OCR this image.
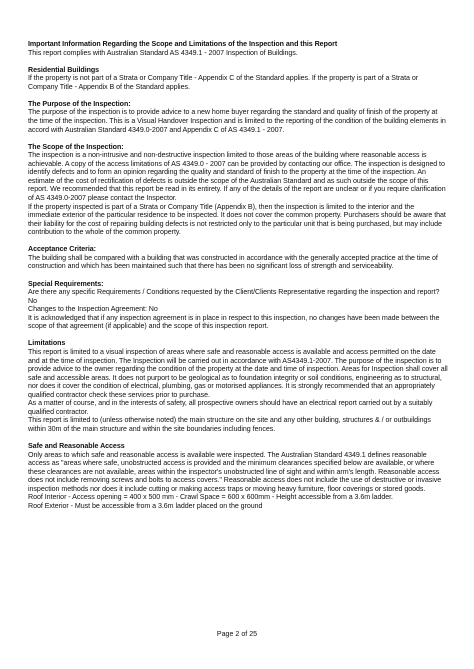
Important Information Regarding the Scope and Limitations of the Inspection and this Report

This report complies with Australian Standard AS 4349.1 - 2007 Inspection of Buildings.

Residential Buildings

If the property is not part of a Strata or Company Title - Appendix C of the Standard applies. If the property is part of a Strata or Company Title - Appendix B of the Standard applies.

The Purpose of the Inspection:

The purpose of the inspection is to provide advice to a new home buyer regarding the standard and quality of finish of the property at the time of the inspection. This is a Visual Handover Inspection and is limited to the reporting of the condition of the building elements in accord with Australian Standard 4349.0-2007 and Appendix C of AS 4349.1 - 2007.

The Scope of the Inspection:

The inspection is a non-intrusive and non-destructive inspection limited to those areas of the building where reasonable access is achievable. A copy of the access limitations of AS 4349.0 - 2007 can be provided by contacting our office. The inspection is designed to identify defects and to form an opinion regarding the quality and standard of finish to the property at the time of the inspection. An estimate of the cost of rectification of defects is outside the scope of the Australian Standard and as such outside the scope of this report. We recommended that this report be read in its entirety. If any of the details of the report are unclear or if you require clarification of AS 4349.0-2007 please contact the Inspector.

If the property inspected is part of a Strata or Company Title (Appendix B), then the inspection is limited to the interior and the immediate exterior of the particular residence to be inspected. It does not cover the common property. Purchasers should be aware that their liability for the cost of repairing building defects is not restricted only to the particular unit that is being purchased, but may include contribution to the whole of the common property.

Acceptance Criteria:

The building shall be compared with a building that was constructed in accordance with the generally accepted practice at the time of construction and which has been maintained such that there has been no significant loss of strength and serviceability.

Special Requirements:

Are there any specific Requirements / Conditions requested by the Client/Clients Representative regarding the inspection and report? No

Changes to the Inspection Agreement: No

It is acknowledged that if any inspection agreement is in place in respect to this inspection, no changes have been made between the scope of that agreement (if applicable) and the scope of this inspection report.

Limitations

This report is limited to a visual inspection of areas where safe and reasonable access is available and access permitted on the date and at the time of inspection. The Inspection will be carried out in accordance with AS4349.1-2007. The purpose of the inspection is to provide advice to the owner regarding the condition of the property at the date and time of inspection. Areas for Inspection shall cover all safe and accessible areas. It does not purport to be geological as to foundation integrity or soil conditions, engineering as to structural, nor does it cover the condition of electrical, plumbing, gas or motorised appliances. It is strongly recommended that an appropriately qualified contractor check these services prior to purchase.

As a matter of course, and in the interests of safety, all prospective owners should have an electrical report carried out by a suitably qualified contractor.

This report is limited to (unless otherwise noted) the main structure on the site and any other building, structures & / or outbuildings within 30m of the main structure and within the site boundaries including fences.

Safe and Reasonable Access

Only areas to which safe and reasonable access is available were inspected. The Australian Standard 4349.1 defines reasonable access as "areas where safe, unobstructed access is provided and the minimum clearances specified below are available, or where these clearances are not available, areas within the inspector's unobstructed line of sight and within arm's length. Reasonable access does not include removing screws and bolts to access covers." Reasonable access does not include the use of destructive or invasive inspection methods nor does it include cutting or making access traps or moving heavy furniture, floor coverings or stored goods.

Roof Interior - Access opening = 400 x 500 mm - Crawl Space = 600 x 600mm - Height accessible from a 3.6m ladder.

Roof Exterior - Must be accessible from a 3.6m ladder placed on the ground

Page 2 of 25
